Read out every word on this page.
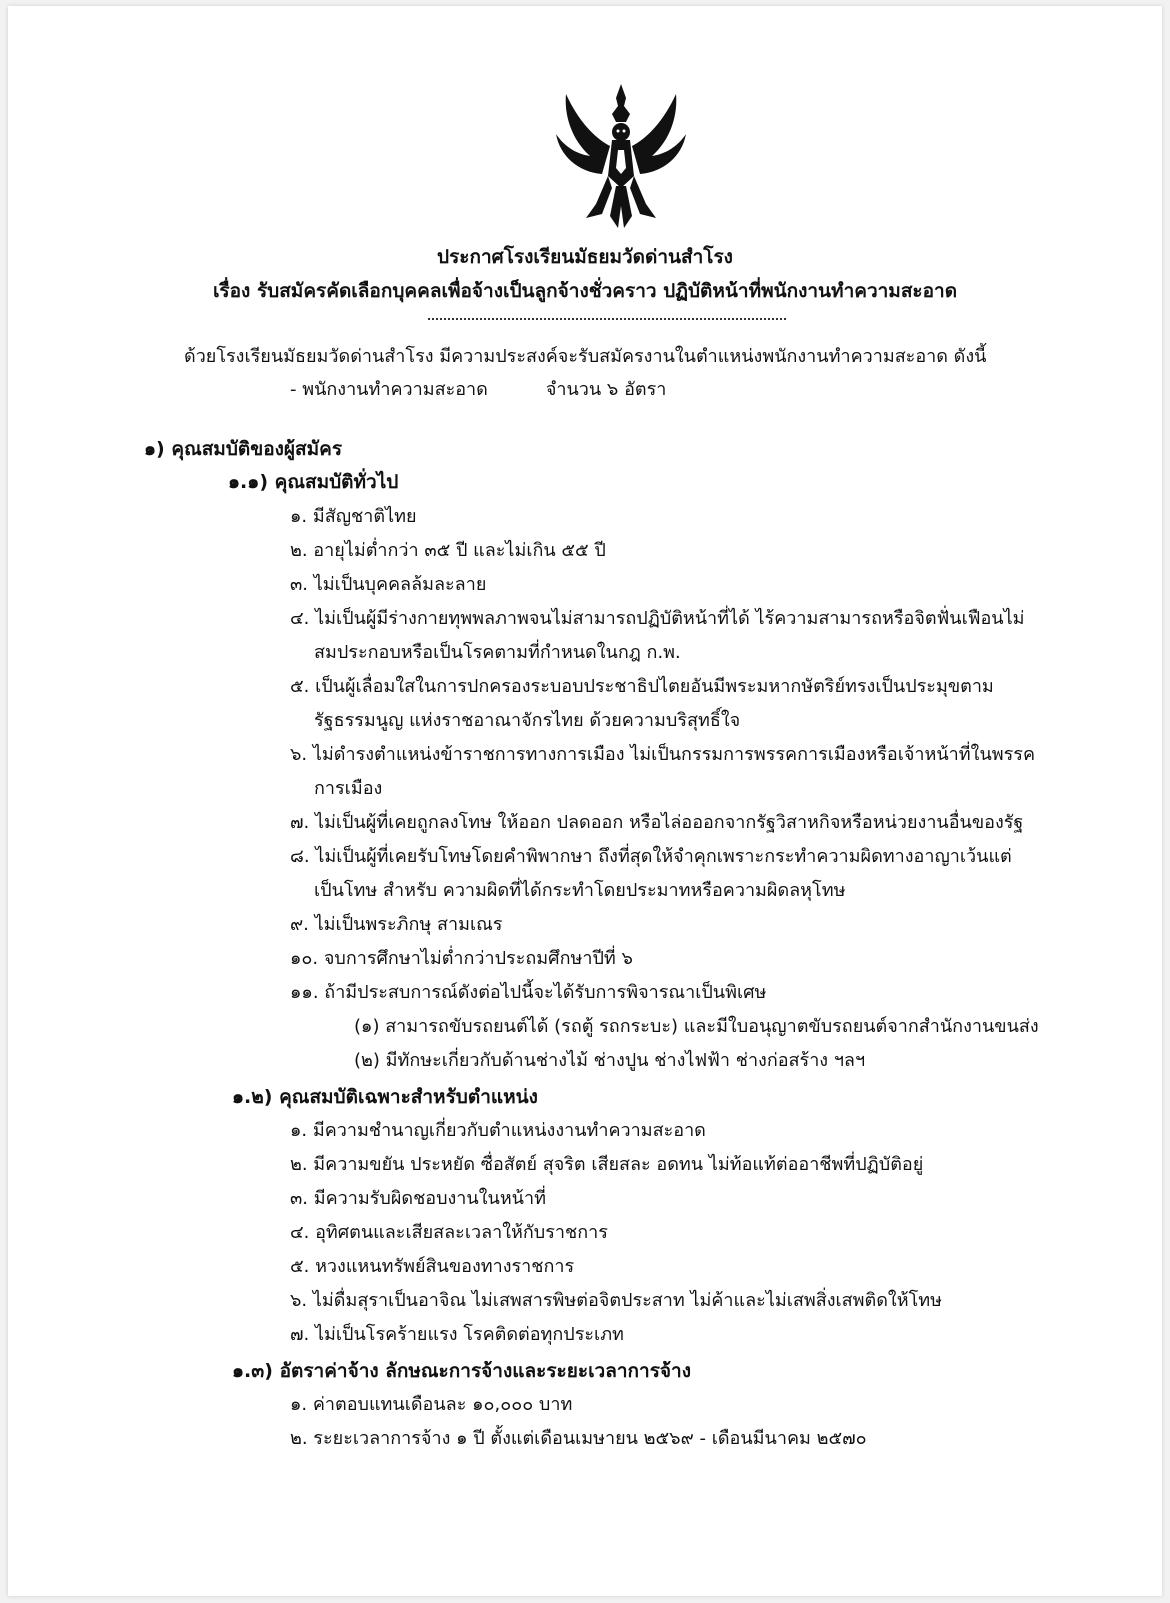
ประกาศโรงเรียนมัธยมวัดด่านสำโรง
เรื่อง รับสมัครคัดเลือกบุคคลเพื่อจ้างเป็นลูกจ้างชั่วคราว ปฏิบัติหน้าที่พนักงานทำความสะอาด
ด้วยโรงเรียนมัธยมวัดด่านสำโรง มีความประสงค์จะรับสมัครงานในตำแหน่งพนักงานทำความสะอาด ดังนี้
- พนักงานทำความสะอาด	จำนวน ๖ อัตรา
๑) คุณสมบัติของผู้สมัคร
๑.๑) คุณสมบัติทั่วไป
๑. มีสัญชาติไทย
๒. อายุไม่ต่ำกว่า ๓๕ ปี และไม่เกิน ๕๕ ปี
๓. ไม่เป็นบุคคลล้มละลาย
๔. ไม่เป็นผู้มีร่างกายทุพพลภาพจนไม่สามารถปฏิบัติหน้าที่ได้ ไร้ความสามารถหรือจิตฟั่นเฟือนไม่
สมประกอบหรือเป็นโรคตามที่กำหนดในกฎ ก.พ.
๕. เป็นผู้เลื่อมใสในการปกครองระบอบประชาธิปไตยอันมีพระมหากษัตริย์ทรงเป็นประมุขตาม
รัฐธรรมนูญ แห่งราชอาณาจักรไทย ด้วยความบริสุทธิ์ใจ
๖. ไม่ดำรงตำแหน่งข้าราชการทางการเมือง ไม่เป็นกรรมการพรรคการเมืองหรือเจ้าหน้าที่ในพรรค
การเมือง
๗. ไม่เป็นผู้ที่เคยถูกลงโทษ ให้ออก ปลดออก หรือไล่อออกจากรัฐวิสาหกิจหรือหน่วยงานอื่นของรัฐ
๘. ไม่เป็นผู้ที่เคยรับโทษโดยคำพิพากษา ถึงที่สุดให้จำคุกเพราะกระทำความผิดทางอาญาเว้นแต่
เป็นโทษ สำหรับ ความผิดที่ได้กระทำโดยประมาทหรือความผิดลหุโทษ
๙. ไม่เป็นพระภิกษุ สามเณร
๑๐. จบการศึกษาไม่ต่ำกว่าประถมศึกษาปีที่ ๖
๑๑. ถ้ามีประสบการณ์ดังต่อไปนี้จะได้รับการพิจารณาเป็นพิเศษ
(๑) สามารถขับรถยนต์ได้ (รถตู้ รถกระบะ) และมีใบอนุญาตขับรถยนต์จากสำนักงานขนส่ง
(๒) มีทักษะเกี่ยวกับด้านช่างไม้ ช่างปูน ช่างไฟฟ้า ช่างก่อสร้าง ฯลฯ
๑.๒) คุณสมบัติเฉพาะสำหรับตำแหน่ง
๑. มีความชำนาญเกี่ยวกับตำแหน่งงานทำความสะอาด
๒. มีความขยัน ประหยัด ซื่อสัตย์ สุจริต เสียสละ อดทน ไม่ท้อแท้ต่ออาชีพที่ปฏิบัติอยู่
๓. มีความรับผิดชอบงานในหน้าที่
๔. อุทิศตนและเสียสละเวลาให้กับราชการ
๕. หวงแหนทรัพย์สินของทางราชการ
๖. ไม่ดื่มสุราเป็นอาจิณ ไม่เสพสารพิษต่อจิตประสาท ไม่ค้าและไม่เสพสิ่งเสพติดให้โทษ
๗. ไม่เป็นโรคร้ายแรง โรคติดต่อทุกประเภท
๑.๓) อัตราค่าจ้าง ลักษณะการจ้างและระยะเวลาการจ้าง
๑. ค่าตอบแทนเดือนละ ๑๐,๐๐๐ บาท
๒. ระยะเวลาการจ้าง ๑ ปี ตั้งแต่เดือนเมษายน ๒๕๖๙ - เดือนมีนาคม ๒๕๗๐
